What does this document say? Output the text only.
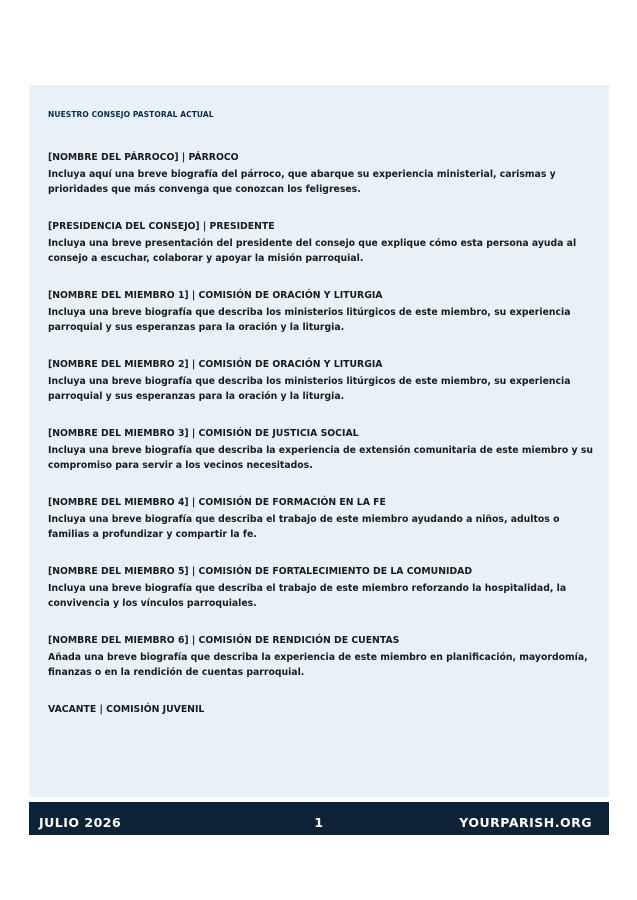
NUESTRO CONSEJO PASTORAL ACTUAL
[NOMBRE DEL PÁRROCO] | PÁRROCO
Incluya aquí una breve biografía del párroco, que abarque su experiencia ministerial, carismas y prioridades que más convenga que conozcan los feligreses.
[PRESIDENCIA DEL CONSEJO] | PRESIDENTE
Incluya una breve presentación del presidente del consejo que explique cómo esta persona ayuda al consejo a escuchar, colaborar y apoyar la misión parroquial.
[NOMBRE DEL MIEMBRO 1] | COMISIÓN DE ORACIÓN Y LITURGIA
Incluya una breve biografía que describa los ministerios litúrgicos de este miembro, su experiencia parroquial y sus esperanzas para la oración y la liturgia.
[NOMBRE DEL MIEMBRO 2] | COMISIÓN DE ORACIÓN Y LITURGIA
Incluya una breve biografía que describa los ministerios litúrgicos de este miembro, su experiencia parroquial y sus esperanzas para la oración y la liturgia.
[NOMBRE DEL MIEMBRO 3] | COMISIÓN DE JUSTICIA SOCIAL
Incluya una breve biografía que describa la experiencia de extensión comunitaria de este miembro y su compromiso para servir a los vecinos necesitados.
[NOMBRE DEL MIEMBRO 4] | COMISIÓN DE FORMACIÓN EN LA FE
Incluya una breve biografía que describa el trabajo de este miembro ayudando a niños, adultos o familias a profundizar y compartir la fe.
[NOMBRE DEL MIEMBRO 5] | COMISIÓN DE FORTALECIMIENTO DE LA COMUNIDAD
Incluya una breve biografía que describa el trabajo de este miembro reforzando la hospitalidad, la convivencia y los vínculos parroquiales.
[NOMBRE DEL MIEMBRO 6] | COMISIÓN DE RENDICIÓN DE CUENTAS
Añada una breve biografía que describa la experiencia de este miembro en planificación, mayordomía, finanzas o en la rendición de cuentas parroquial.
VACANTE | COMISIÓN JUVENIL
JULIO 2026	1	YOURPARISH.ORG
